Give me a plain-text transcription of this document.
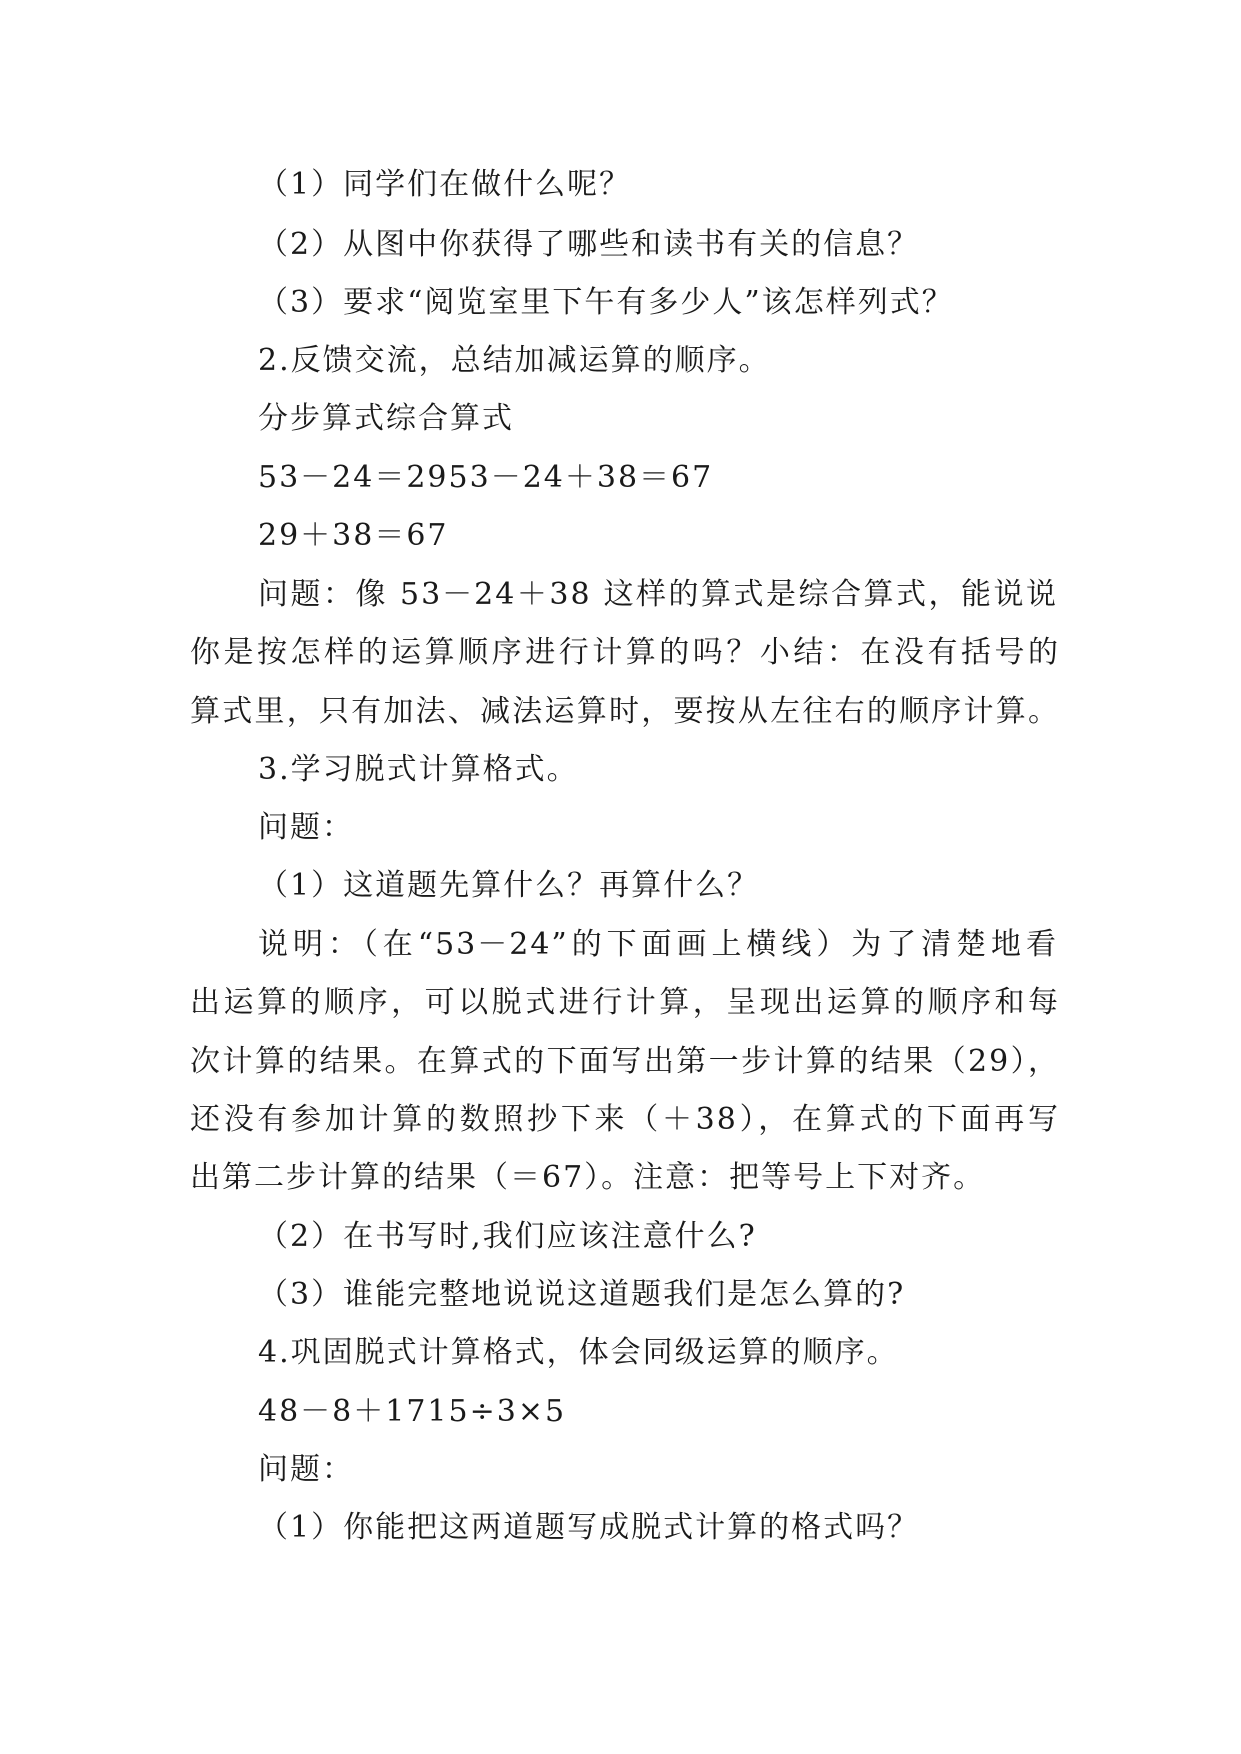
（1）同学们在做什么呢？
（2）从图中你获得了哪些和读书有关的信息？
（3）要求“阅览室里下午有多少人”该怎样列式？
2.反馈交流，总结加减运算的顺序。
分步算式综合算式
53－24＝2953－24＋38＝67
29＋38＝67
问题：像 53－24＋38 这样的算式是综合算式，能说说
你是按怎样的运算顺序进行计算的吗？小结：在没有括号的
算式里，只有加法、减法运算时，要按从左往右的顺序计算。
3.学习脱式计算格式。
问题：
（1）这道题先算什么？再算什么？
说明：（在“53－24”的下面画上横线）为了清楚地看
出运算的顺序，可以脱式进行计算，呈现出运算的顺序和每
次计算的结果。在算式的下面写出第一步计算的结果（29），
还没有参加计算的数照抄下来（＋38），在算式的下面再写
出第二步计算的结果（＝67）。注意：把等号上下对齐。
（2）在书写时,我们应该注意什么?
（3）谁能完整地说说这道题我们是怎么算的?
4.巩固脱式计算格式，体会同级运算的顺序。
48－8＋1715÷3×5
问题：
（1）你能把这两道题写成脱式计算的格式吗？
